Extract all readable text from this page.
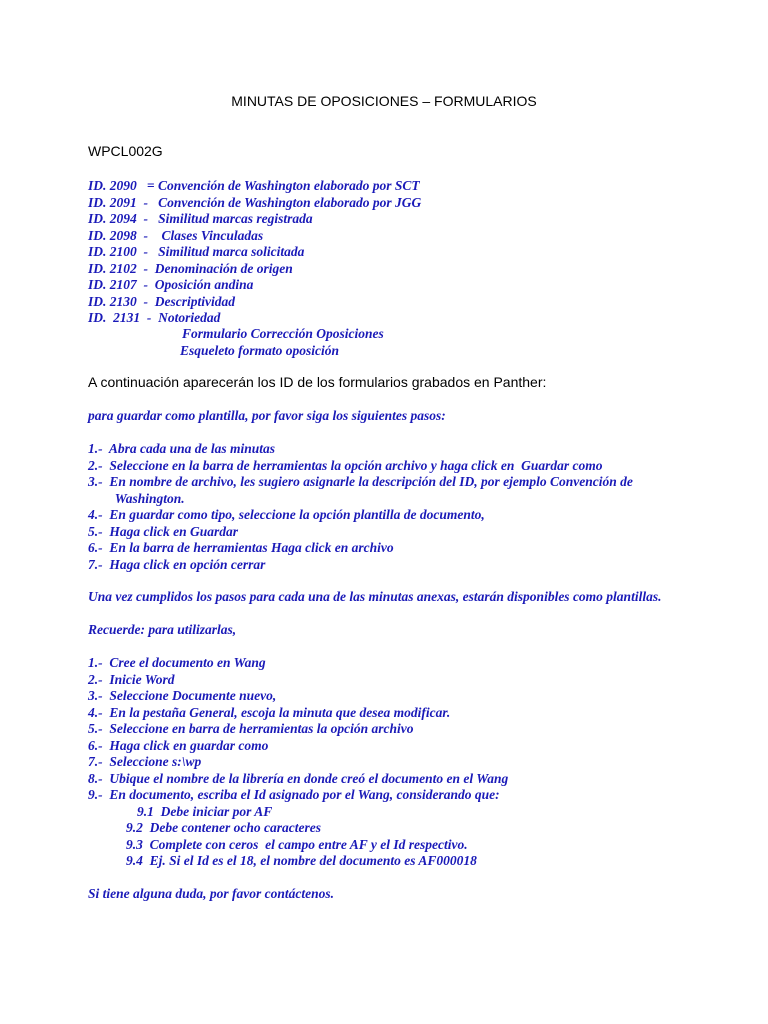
MINUTAS DE OPOSICIONES – FORMULARIOS
WPCL002G
ID. 2090   = Convención de Washington elaborado por SCT
ID. 2091  -   Convención de Washington elaborado por JGG
ID. 2094  -   Similitud marcas registrada
ID. 2098  -    Clases Vinculadas
ID. 2100  -   Similitud marca solicitada
ID. 2102  -  Denominación de origen
ID. 2107  -  Oposición andina
ID. 2130  -  Descriptividad
ID.  2131  -  Notoriedad
Formulario Corrección Oposiciones
Esqueleto formato oposición
A continuación aparecerán los ID de los formularios grabados en Panther:
para guardar como plantilla, por favor siga los siguientes pasos:
1.-  Abra cada una de las minutas
2.-  Seleccione en la barra de herramientas la opción archivo y haga click en  Guardar como
3.-  En nombre de archivo, les sugiero asignarle la descripción del ID, por ejemplo Convención de
Washington.
4.-  En guardar como tipo, seleccione la opción plantilla de documento,
5.-  Haga click en Guardar
6.-  En la barra de herramientas Haga click en archivo
7.-  Haga click en opción cerrar
Una vez cumplidos los pasos para cada una de las minutas anexas, estarán disponibles como plantillas.
Recuerde: para utilizarlas,
1.-  Cree el documento en Wang
2.-  Inicie Word
3.-  Seleccione Documente nuevo,
4.-  En la pestaña General, escoja la minuta que desea modificar.
5.-  Seleccione en barra de herramientas la opción archivo
6.-  Haga click en guardar como
7.-  Seleccione s:\wp
8.-  Ubique el nombre de la librería en donde creó el documento en el Wang
9.-  En documento, escriba el Id asignado por el Wang, considerando que:
9.1  Debe iniciar por AF
9.2  Debe contener ocho caracteres
9.3  Complete con ceros  el campo entre AF y el Id respectivo.
9.4  Ej. Si el Id es el 18, el nombre del documento es AF000018
Si tiene alguna duda, por favor contáctenos.
